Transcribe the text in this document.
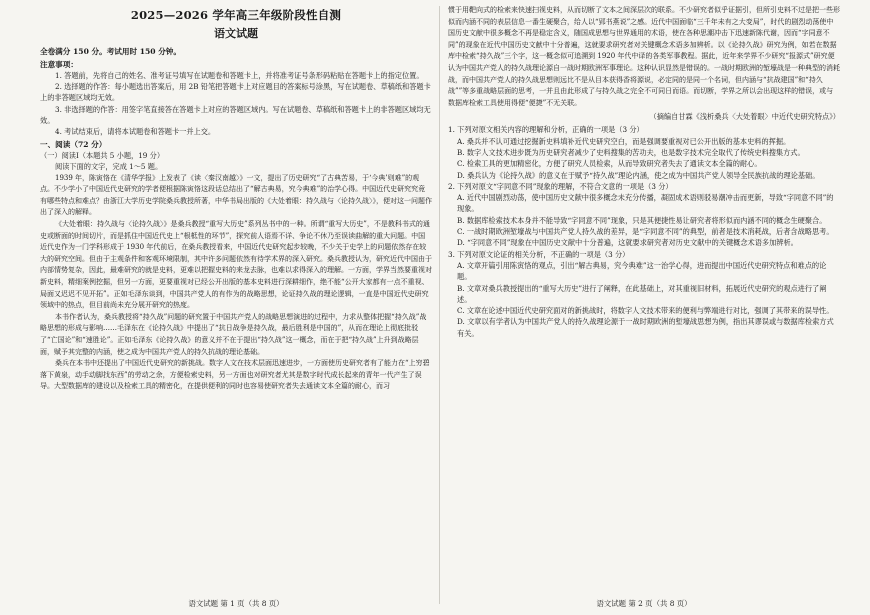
2025—2026 学年高三年级阶段性自测
语文试题
全卷满分 150 分。考试用时 150 分钟。
注意事项：

1. 答题前，先将自己的姓名、准考证号填写在试题卷和答题卡上，并将准考证号条形码粘贴在答题卡上的指定位置。

2. 选择题的作答：每小题选出答案后，用 2B 铅笔把答题卡上对应题目的答案标号涂黑，写在试题卷、草稿纸和答题卡上的非答题区域均无效。

3. 非选择题的作答：用签字笔直接答在答题卡上对应的答题区域内。写在试题卷、草稿纸和答题卡上的非答题区域均无效。

4. 考试结束后，请将本试题卷和答题卡一并上交。

一、阅读（72 分）

（一）阅读Ⅰ（本题共 5 小题，19 分）

阅读下面的文字，完成 1～5 题。

1939 年，陈寅恪在《清华学报》上发表了《读〈秦汉南越〉》一文，提出了历史研究“了古典苦易，于‘今典’则难”的观点。不少学小了中国近代史研究的学者便根据陈寅恪这段话总结出了“解古典易，究今典难”的治学心得。中国近代史研究究竟有哪些特点和难点？由浙江大学历史学院桑兵教授所著，中华书局出版的《大处着眼：持久战与〈论持久战〉》，便对这一问题作出了深入的解释。

《大处着眼：持久战与〈论持久战〉》是桑兵教授“重写大历史”系列丛书中的一种。所谓“重写大历史”，不是教科书式的通史或断面的时间切片，而是抓住中国近代史上“根柢性的环节”，探究前人语焉不详、争论不休乃至误读曲解的重大问题。中国近代史作为一门学科形成于 1930 年代前后，在桑兵教授看来，中国近代史研究起步较晚，不少关于史学上的问题依然存在较大的研究空间。但由于主观条件和客观环境限制，其中许多问题依然有待学术界的深入研究。桑兵教授认为，研究近代中国由于内部情势复杂，因此，最难研究的就是史料，更难以把握史料的来龙去脉，也难以求得深入的理解。一方面，学界当然要重视对新史料，精细案例挖掘，但另一方面，更要重视对已经公开出版的基本史料进行深耕细作，绝不能“公开大家都有一点不重视、局面又迟迟不见开拓”。正如毛泽东谈到，中国共产党人的有作为的战略思想，论证持久战的理论逻辑，一直是中国近代史研究领域中的热点，但目前尚未充分展开研究的热度。

本书作者认为，桑兵教授将“持久战”问题的研究置于中国共产党人的战略思想演进的过程中，力求从整体把握“持久战”战略思想的形成与影响……毛泽东在《论持久战》中提出了“抗日战争是持久战，最后胜利是中国的”，从而在理论上彻底批驳了“亡国论”和“速胜论”。正如毛泽东《论持久战》的意义并不在于提出“持久战”这一概念，而在于把“持久战”上升到战略层面，赋予其完整的内涵，使之成为中国共产党人的持久抗战的理论基础。

桑兵在本书中还提出了中国近代史研究的新挑战。数字人文在技术层面迅速进步，一方面使历史研究者有了能力在“上穷碧落下黄泉，动手动脚找东西”的劳动之余，方便检索史料，另一方面也对研究者尤其是数字时代成长起来的青年一代产生了误导。大型数据库的建设以及检索工具的精密化，在提供便利的同时也容易使研究者失去通读文本全篇的耐心，而习

语文试题 第 1 页（共 8 页）

惯于用靶向式的检索来快速扫视史料，从而切断了文本之间深层次的联系。不少研究者似乎证据引，但所引史料不过是把一些形似而内涵不同的表层信息一番生硬聚合，给人以“郢书燕说”之感。近代中国面临“三千年未有之大变局”，时代的剧烈动荡使中国历史文献中很多概念不再是稳定含义，随国成思想与世界通用的术语，使在各种思潮冲击下迅速新陈代谢，因而“字同意不同”的现象在近代中国历史文献中十分普遍，这就要求研究者对关键概念术语多加辨析。以《论持久战》研究为例，如若在数据库中检索“持久战”三个字，这一概念似可追溯到 1920 年代中译的各类军事教程。据此，近年来学界不少研究“报源式”研究便认为中国共产党人的持久战理论源自一战时期欧洲军事理论。这种认识显然是错误的。一战时期欧洲的堑壕战是一种典型的消耗战，而中国共产党人的持久战思想则远比不是从目本获得香将源说，必定同的是同一个名词，但内涵与“抗战建国”和“持久战””等多重战略层面的思考，一并且由此形成了与持久战之完全不可同日而语。而切断，学界之所以会出现这样的错误，或与数据库检索工具使用得便“便捷”不无关联。

（摘编自甘霖《浅析桑兵〈大处着眼〉中近代史研究特点》）

1. 下列对原文相关内容的理解和分析，正确的一项是（3 分）

A. 桑兵并不认可通过挖掘新史料填补近代史研究空白，而是强调要重视对已公开出版的基本史料的挥掘。

B. 数字人文技术进步既为历史研究者减少了史料搜集的苦功夫，也是数字技术完全取代了传统史料搜集方式。

C. 检索工具的更加精密化，方便了研究人员检索，从而导致研究者失去了通读文本全篇的耐心。

D. 桑兵认为《论持久战》的意义在于赋予“持久战”理论内涵，使之成为中国共产党人领导全民族抗战的理论基础。

2. 下列对原文“字同意不同”现象的理解，不符合文意的一项是（3 分）

A. 近代中国剧烈动荡，使中国历史文献中很多概念未充分传播，凝固成术语则驳易潮冲击而更新，导致“字同意不同”的现象。

B. 数据库检索技术本身并不能导致“字同意不同”现象，只是其便捷性易让研究者将形似而内涵不同的概念生硬聚合。

C. 一战时期欧洲堑壕战与中国共产党人持久战的差异，是“字同意不同”的典型，前者是技术消耗战，后者含战略思考。

D. “字同意不同”现象在中国历史文献中十分普遍，这就要求研究者对历史文献中的关键概念术语多加辨析。

3. 下列对原文论证的相关分析，不正确的一项是（3 分）

A. 文章开篇引用陈寅恪的观点，引出“解古典易，究今典难”这一治学心得，进而提出中国近代史研究特点和难点的论题。

B. 文章对桑兵教授提出的“重写大历史”进行了阐释，在此基础上，对其重视旧材料，拓展近代史研究的观点进行了阐述。

C. 文章在论述中国近代史研究面对的新挑战时，将数字人文技术带来的便利与弊端进行对比，强调了其带来的误导性。

D. 文章以有学者认为中国共产党人的持久战理论源于一战时期欧洲的堑壕战思想为例，指出其谬误或与数据库检索方式有关。

语文试题 第 2 页（共 8 页）
